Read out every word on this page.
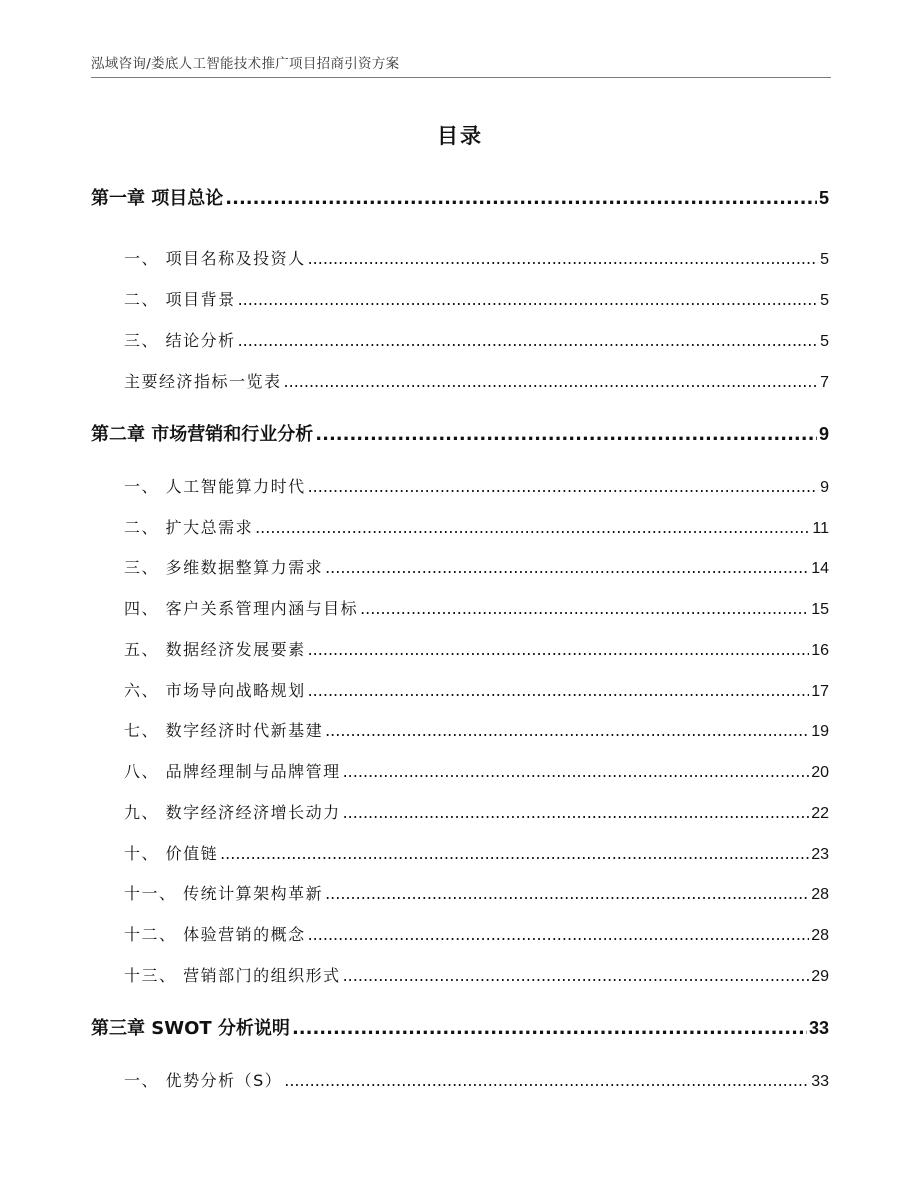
泓域咨询/娄底人工智能技术推广项目招商引资方案
目录
第一章 项目总论 .....	5
一、 项目名称及投资人 .....	5
二、 项目背景 .....	5
三、 结论分析 .....	5
主要经济指标一览表 .....	7
第二章 市场营销和行业分析 .....	9
一、 人工智能算力时代 .....	9
二、 扩大总需求 .....	11
三、 多维数据整算力需求 .....	14
四、 客户关系管理内涵与目标 .....	15
五、 数据经济发展要素 .....	16
六、 市场导向战略规划 .....	17
七、 数字经济时代新基建 .....	19
八、 品牌经理制与品牌管理 .....	20
九、 数字经济经济增长动力 .....	22
十、 价值链 .....	23
十一、 传统计算架构革新 .....	28
十二、 体验营销的概念 .....	28
十三、 营销部门的组织形式 .....	29
第三章 SWOT 分析说明 .....	33
一、 优势分析（S） .....	33
